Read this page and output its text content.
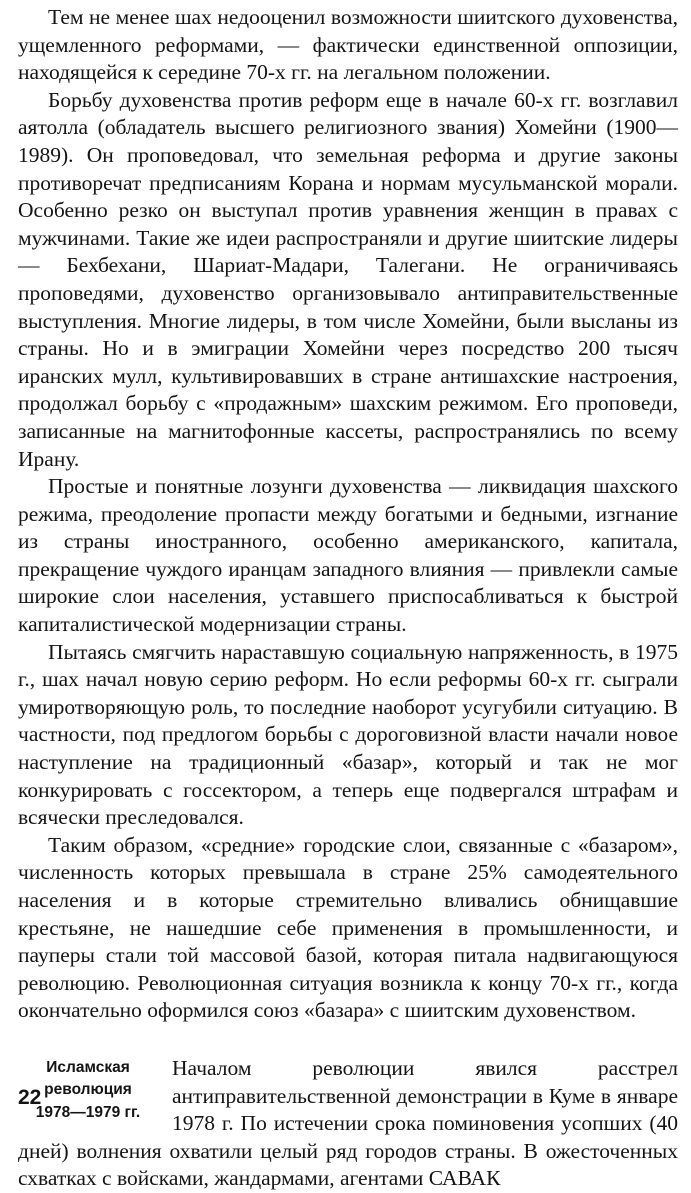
Тем не менее шах недооценил возможности шиитского духовенства, ущемленного реформами, — фактически единственной оппозиции, находящейся к середине 70-х гг. на легальном положении.

Борьбу духовенства против реформ еще в начале 60-х гг. возглавил аятолла (обладатель высшего религиозного звания) Хомейни (1900—1989). Он проповедовал, что земельная реформа и другие законы противоречат предписаниям Корана и нормам мусульманской морали. Особенно резко он выступал против уравнения женщин в правах с мужчинами. Такие же идеи распространяли и другие шиитские лидеры — Бехбехани, Шариат-Мадари, Талегани. Не ограничиваясь проповедями, духовенство организовывало антиправительственные выступления. Многие лидеры, в том числе Хомейни, были высланы из страны. Но и в эмиграции Хомейни через посредство 200 тысяч иранских мулл, культивировавших в стране антишахские настроения, продолжал борьбу с «продажным» шахским режимом. Его проповеди, записанные на магнитофонные кассеты, распространялись по всему Ирану.

Простые и понятные лозунги духовенства — ликвидация шахского режима, преодоление пропасти между богатыми и бедными, изгнание из страны иностранного, особенно американского, капитала, прекращение чуждого иранцам западного влияния — привлекли самые широкие слои населения, уставшего приспосабливаться к быстрой капиталистической модернизации страны.

Пытаясь смягчить нараставшую социальную напряженность, в 1975 г., шах начал новую серию реформ. Но если реформы 60-х гг. сыграли умиротворяющую роль, то последние наоборот усугубили ситуацию. В частности, под предлогом борьбы с дороговизной власти начали новое наступление на традиционный «базар», который и так не мог конкурировать с госсектором, а теперь еще подвергался штрафам и всячески преследовался.

Таким образом, «средние» городские слои, связанные с «базаром», численность которых превышала в стране 25% самодеятельного населения и в которые стремительно вливались обнищавшие крестьяне, не нашедшие себе применения в промышленности, и пауперы стали той массовой базой, которая питала надвигающуюся революцию. Революционная ситуация возникла к концу 70-х гг., когда окончательно оформился союз «базара» с шиитским духовенством.

Исламская
революция
1978—1979 гг.

Началом революции явился расстрел антиправительственной демонстрации в Куме в январе 1978 г. По истечении срока поминовения усопших (40 дней) волнения охватили целый ряд городов страны. В ожесточенных схватках с войсками, жандармами, агентами САВАК

22
